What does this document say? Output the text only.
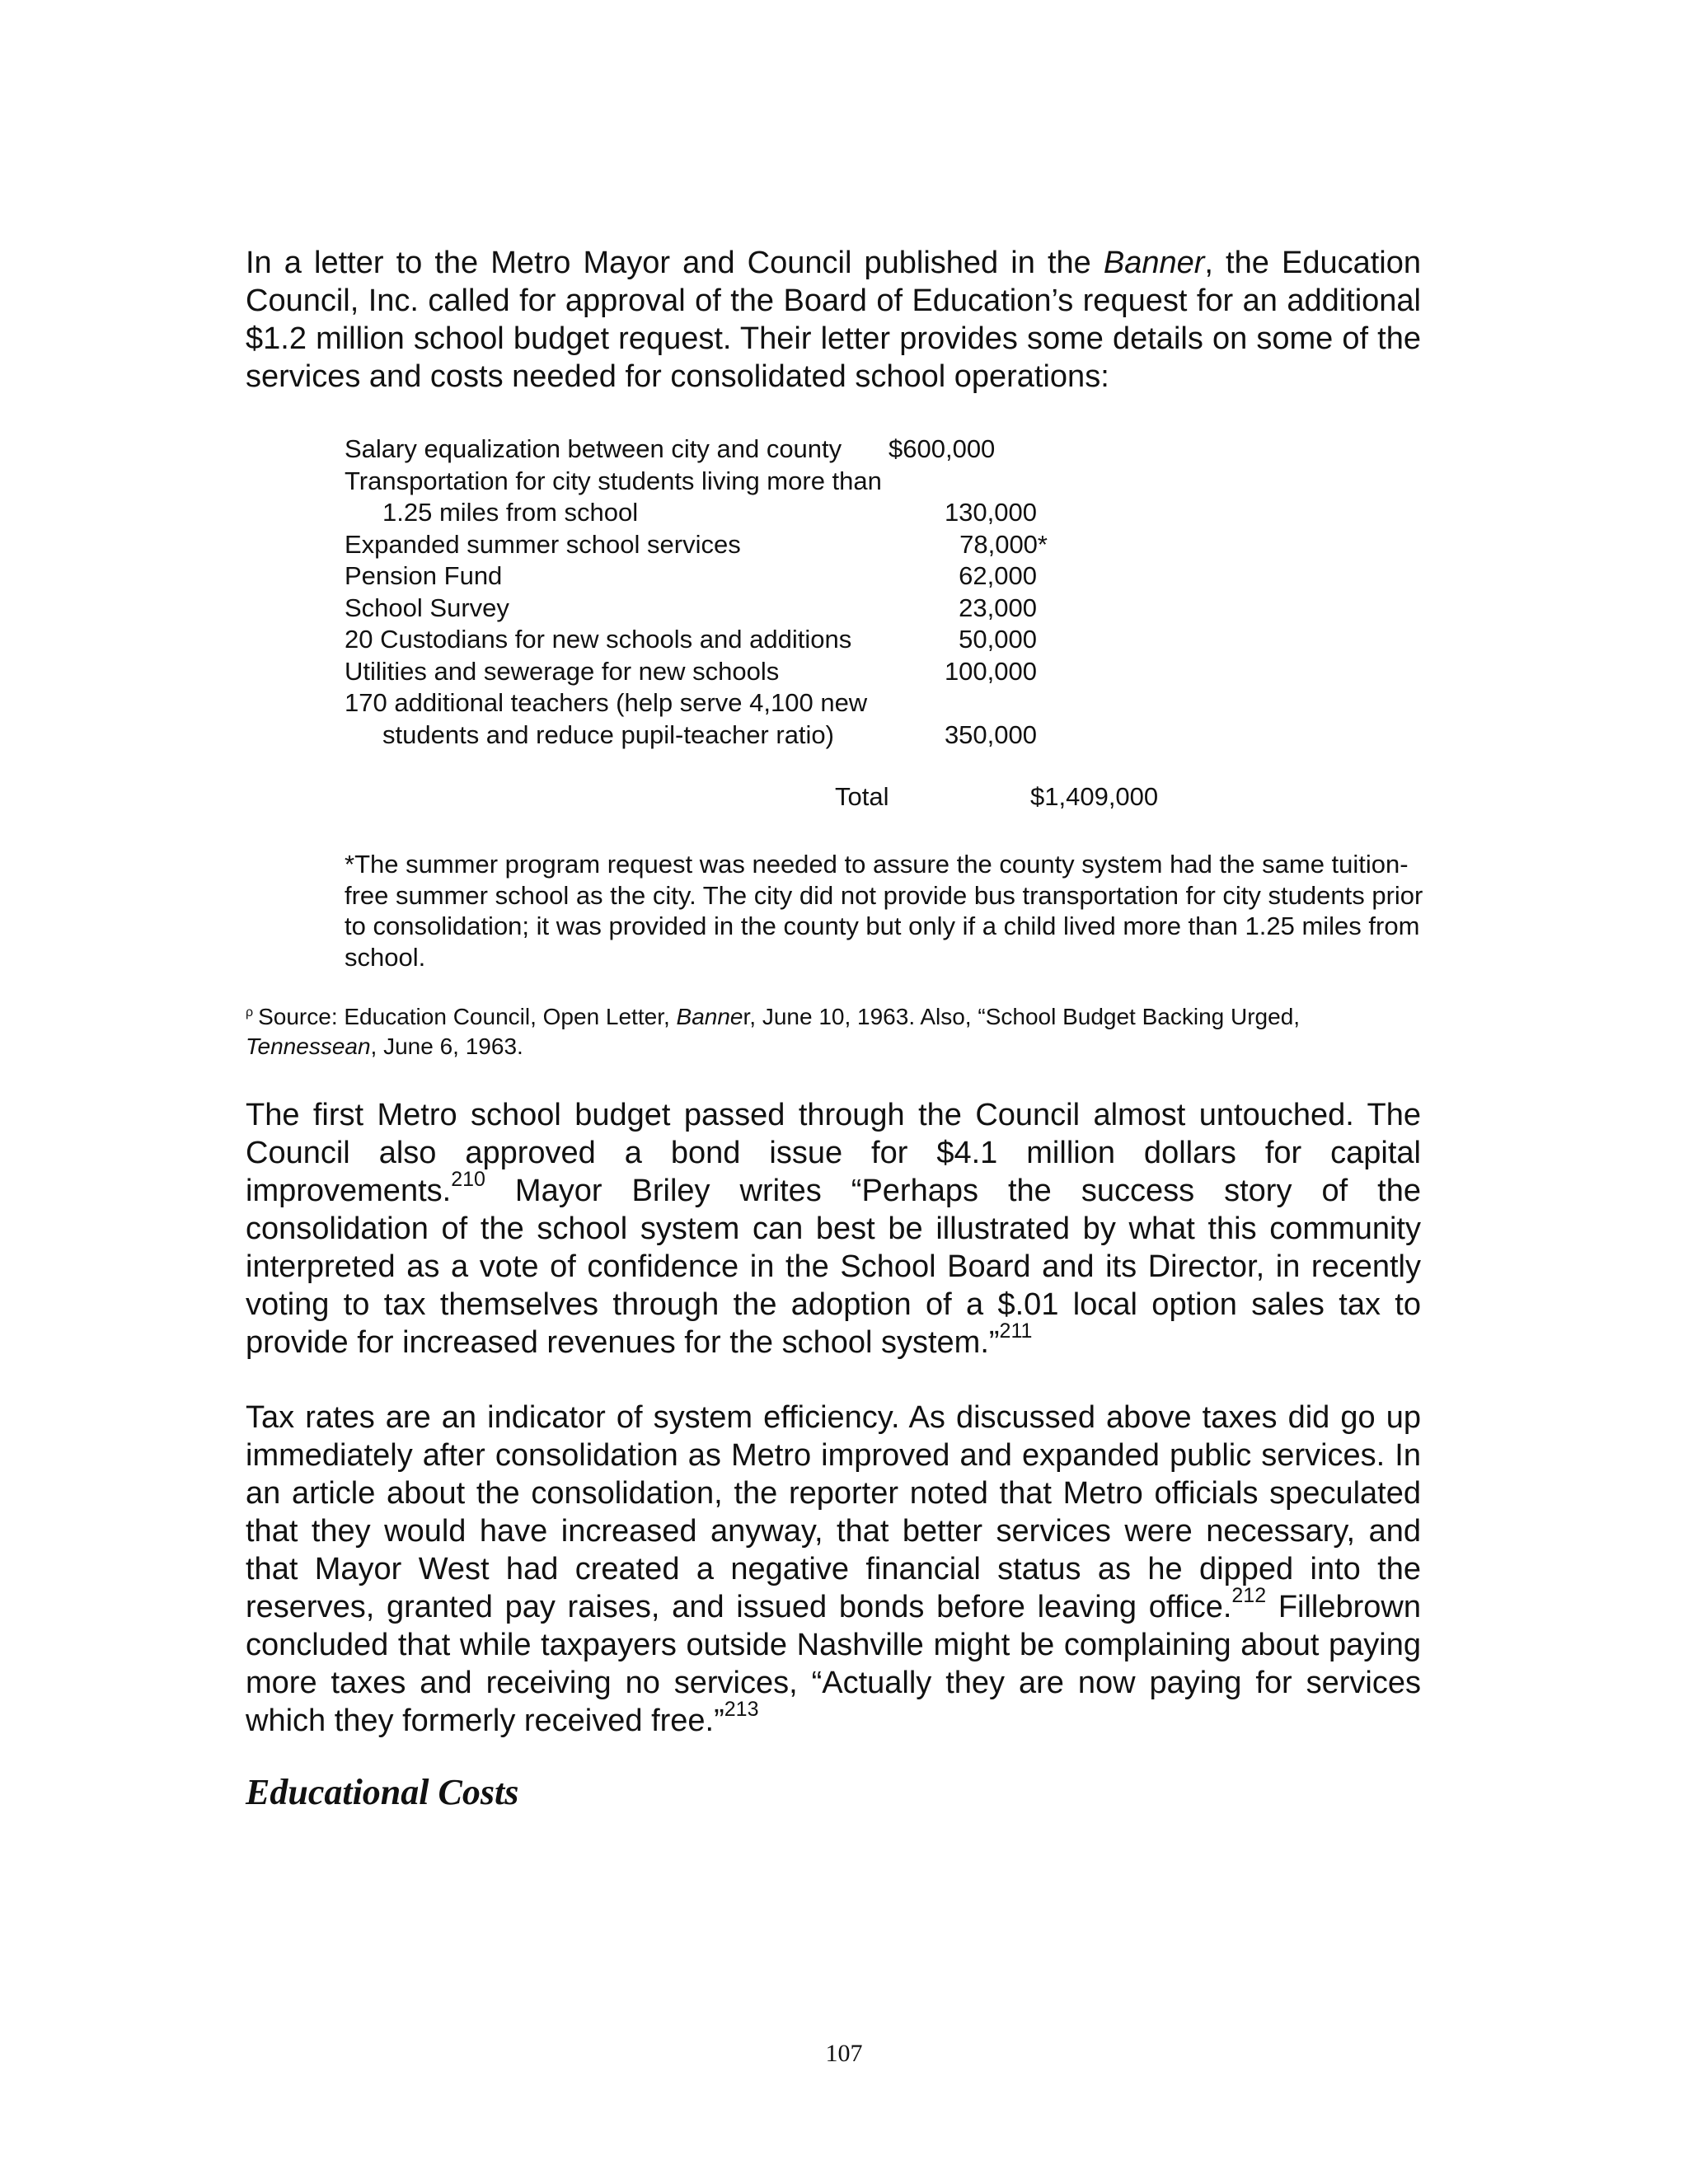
In a letter to the Metro Mayor and Council published in the Banner, the Education Council, Inc. called for approval of the Board of Education’s request for an additional $1.2 million school budget request. Their letter provides some details on some of the services and costs needed for consolidated school operations:

Salary equalization between city and county $600,000
Transportation for city students living more than
1.25 miles from school	130,000
Expanded summer school services	78,000*
Pension Fund	62,000
School Survey	23,000
20 Custodians for new schools and additions	50,000
Utilities and sewerage for new schools	100,000
170 additional teachers (help serve 4,100 new
students and reduce pupil-teacher ratio)	350,000
Total	$1,409,000

*The summer program request was needed to assure the county system had the same tuition-free summer school as the city. The city did not provide bus transportation for city students prior to consolidation; it was provided in the county but only if a child lived more than 1.25 miles from school.

$^\rho$ Source: Education Council, Open Letter, Banner, June 10, 1963. Also, “School Budget Backing Urged, Tennessean, June 6, 1963.

The first Metro school budget passed through the Council almost untouched. The Council also approved a bond issue for $4.1 million dollars for capital improvements.$^{210}$ Mayor Briley writes “Perhaps the success story of the consolidation of the school system can best be illustrated by what this community interpreted as a vote of confidence in the School Board and its Director, in recently voting to tax themselves through the adoption of a $.01 local option sales tax to provide for increased revenues for the school system.”$^{211}$

Tax rates are an indicator of system efficiency. As discussed above taxes did go up immediately after consolidation as Metro improved and expanded public services. In an article about the consolidation, the reporter noted that Metro officials speculated that they would have increased anyway, that better services were necessary, and that Mayor West had created a negative financial status as he dipped into the reserves, granted pay raises, and issued bonds before leaving office.$^{212}$ Fillebrown concluded that while taxpayers outside Nashville might be complaining about paying more taxes and receiving no services, “Actually they are now paying for services which they formerly received free.”$^{213}$

Educational Costs
107
